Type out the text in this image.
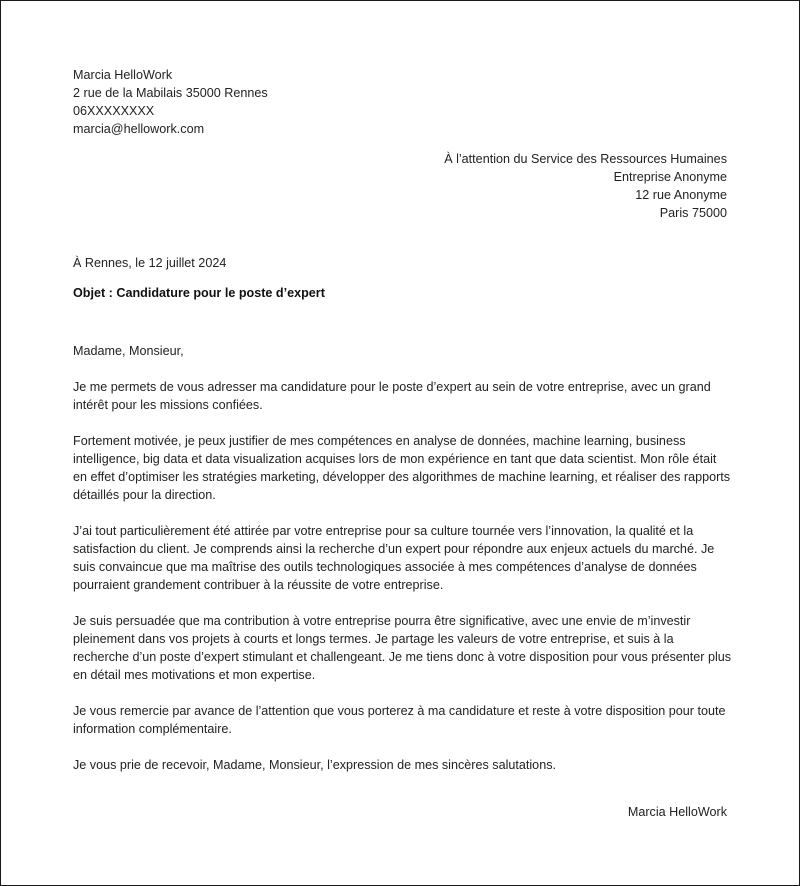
Marcia HelloWork
2 rue de la Mabilais 35000 Rennes
06XXXXXXXX
marcia@hellowork.com
À l’attention du Service des Ressources Humaines
Entreprise Anonyme
12 rue Anonyme
Paris 75000
À Rennes, le 12 juillet 2024
Objet : Candidature pour le poste d’expert

Madame, Monsieur,

Je me permets de vous adresser ma candidature pour le poste d’expert au sein de votre entreprise, avec un grand intérêt pour les missions confiées.

Fortement motivée, je peux justifier de mes compétences en analyse de données, machine learning, business intelligence, big data et data visualization acquises lors de mon expérience en tant que data scientist. Mon rôle était en effet d’optimiser les stratégies marketing, développer des algorithmes de machine learning, et réaliser des rapports détaillés pour la direction.

J’ai tout particulièrement été attirée par votre entreprise pour sa culture tournée vers l’innovation, la qualité et la satisfaction du client. Je comprends ainsi la recherche d’un expert pour répondre aux enjeux actuels du marché. Je suis convaincue que ma maîtrise des outils technologiques associée à mes compétences d’analyse de données pourraient grandement contribuer à la réussite de votre entreprise.

Je suis persuadée que ma contribution à votre entreprise pourra être significative, avec une envie de m’investir pleinement dans vos projets à courts et longs termes. Je partage les valeurs de votre entreprise, et suis à la recherche d’un poste d’expert stimulant et challengeant. Je me tiens donc à votre disposition pour vous présenter plus en détail mes motivations et mon expertise.

Je vous remercie par avance de l’attention que vous porterez à ma candidature et reste à votre disposition pour toute information complémentaire.

Je vous prie de recevoir, Madame, Monsieur, l’expression de mes sincères salutations.

Marcia HelloWork
